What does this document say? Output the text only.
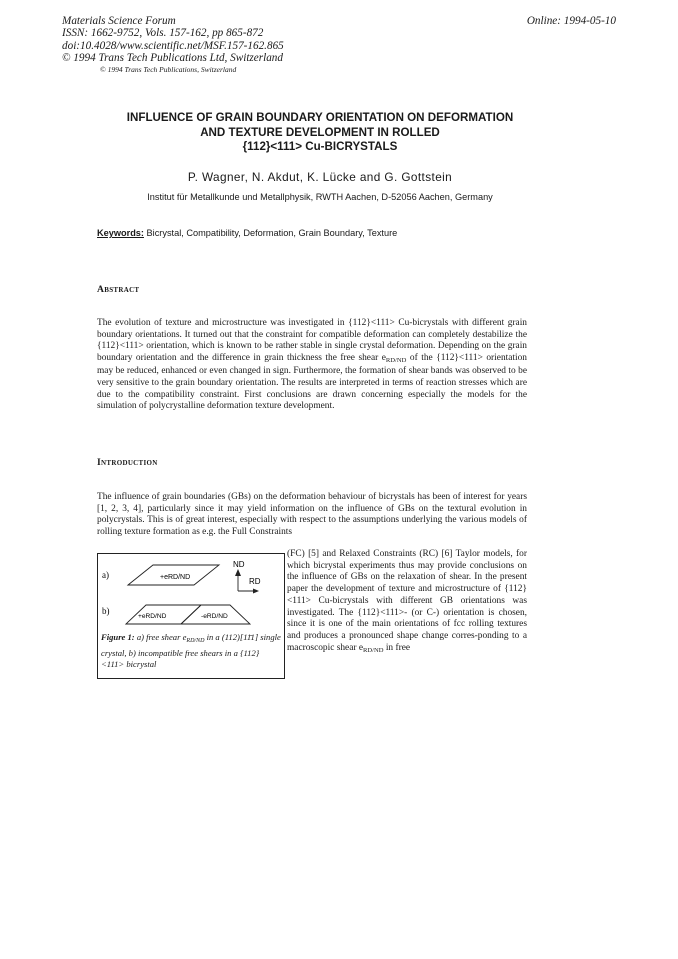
Materials Science Forum
ISSN: 1662-9752, Vols. 157-162, pp 865-872
doi:10.4028/www.scientific.net/MSF.157-162.865
© 1994 Trans Tech Publications Ltd, Switzerland
Online: 1994-05-10
© 1994 Trans Tech Publications, Switzerland
INFLUENCE OF GRAIN BOUNDARY ORIENTATION ON DEFORMATION
AND TEXTURE DEVELOPMENT IN ROLLED
{112}<111> Cu-BICRYSTALS
P. Wagner, N. Akdut, K. Lücke and G. Gottstein
Institut für Metallkunde und Metallphysik, RWTH Aachen, D-52056 Aachen, Germany
Keywords: Bicrystal, Compatibility, Deformation, Grain Boundary, Texture
Abstract

The evolution of texture and microstructure was investigated in {112}<111> Cu-bicrystals with different grain boundary orientations. It turned out that the constraint for compatible deformation can completely destabilize the {112}<111> orientation, which is known to be rather stable in single crystal deformation. Depending on the grain boundary orientation and the difference in grain thickness the free shear $e_{RD/ND}$ of the {112}<111> orientation may be reduced, enhanced or even changed in sign. Furthermore, the formation of shear bands was observed to be very sensitive to the grain boundary orientation. The results are interpreted in terms of reaction stresses which are due to the compatibility constraint. First conclusions are drawn concerning especially the models for the simulation of polycrystalline deformation texture development.

Introduction

The influence of grain boundaries (GBs) on the deformation behaviour of bicrystals has been of interest for years [1, 2, 3, 4], particularly since it may yield information on the influence of GBs on the textural evolution in polycrystals. This is of great interest, especially with respect to the assumptions underlying the various models of rolling texture formation as e.g. the Full Constraints

(FC) [5] and Relaxed Constraints (RC) [6] Taylor models, for which bicrystal experiments thus may provide conclusions on the influence of GBs on the relaxation of shear. In the present paper the development of texture and microstructure of {112}<111> Cu-bicrystals with different GB orientations was investigated. The {112}<111>- (or C-) orientation is chosen, since it is one of the main orientations of fcc rolling textures and produces a pronounced shape change corres-ponding to a macroscopic shear $e_{RD/ND}$ in free

a)	+eRD/ND
ND
RD
b)
+eRD/ND	-eRD/ND
Figure 1: a) free shear $e_{RD/ND}$ in a (112)[11̄1] single crystal, b) incompatible free shears in a {112}<111> bicrystal
